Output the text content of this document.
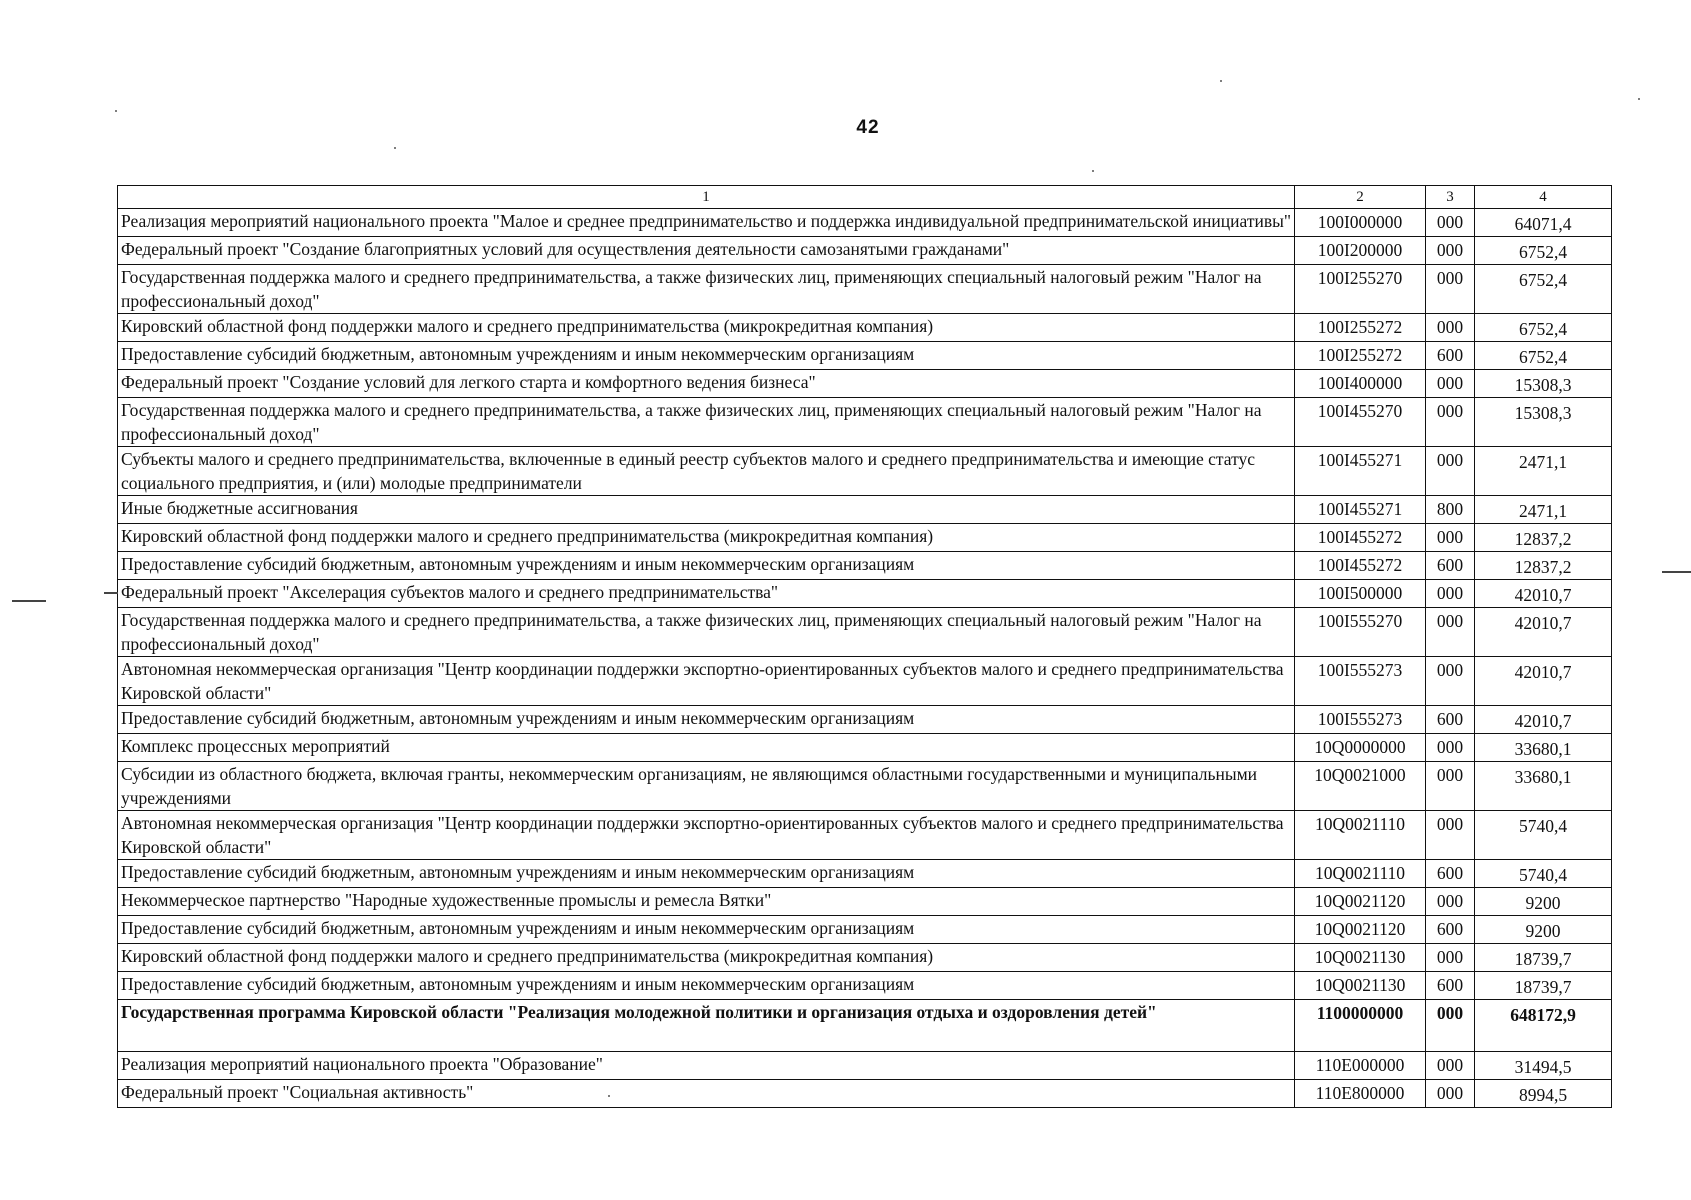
42
1	2	3	4
Реализация мероприятий национального проекта "Малое и среднее предпринимательство и поддержка индивидуальной предпринимательской инициативы"	100I000000	000	64071,4
Федеральный проект "Создание благоприятных условий для осуществления деятельности самозанятыми гражданами"	100I200000	000	6752,4
Государственная поддержка малого и среднего предпринимательства, а также физических лиц, применяющих специальный налоговый режим "Налог на профессиональный доход"	100I255270	000	6752,4
Кировский областной фонд поддержки малого и среднего предпринимательства (микрокредитная компания)	100I255272	000	6752,4
Предоставление субсидий бюджетным, автономным учреждениям и иным некоммерческим организациям	100I255272	600	6752,4
Федеральный проект "Создание условий для легкого старта и комфортного ведения бизнеса"	100I400000	000	15308,3
Государственная поддержка малого и среднего предпринимательства, а также физических лиц, применяющих специальный налоговый режим "Налог на профессиональный доход"	100I455270	000	15308,3
Субъекты малого и среднего предпринимательства, включенные в единый реестр субъектов малого и среднего предпринимательства и имеющие статус социального предприятия, и (или) молодые предприниматели	100I455271	000	2471,1
Иные бюджетные ассигнования	100I455271	800	2471,1
Кировский областной фонд поддержки малого и среднего предпринимательства (микрокредитная компания)	100I455272	000	12837,2
Предоставление субсидий бюджетным, автономным учреждениям и иным некоммерческим организациям	100I455272	600	12837,2
Федеральный проект "Акселерация субъектов малого и среднего предпринимательства"	100I500000	000	42010,7
Государственная поддержка малого и среднего предпринимательства, а также физических лиц, применяющих специальный налоговый режим "Налог на профессиональный доход"	100I555270	000	42010,7
Автономная некоммерческая организация "Центр координации поддержки экспортно-ориентированных субъектов малого и среднего предпринимательства Кировской области"	100I555273	000	42010,7
Предоставление субсидий бюджетным, автономным учреждениям и иным некоммерческим организациям	100I555273	600	42010,7
Комплекс процессных мероприятий	10Q0000000	000	33680,1
Субсидии из областного бюджета, включая гранты, некоммерческим организациям, не являющимся областными государственными и муниципальными учреждениями	10Q0021000	000	33680,1
Автономная некоммерческая организация "Центр координации поддержки экспортно-ориентированных субъектов малого и среднего предпринимательства Кировской области"	10Q0021110	000	5740,4
Предоставление субсидий бюджетным, автономным учреждениям и иным некоммерческим организациям	10Q0021110	600	5740,4
Некоммерческое партнерство "Народные художественные промыслы и ремесла Вятки"	10Q0021120	000	9200
Предоставление субсидий бюджетным, автономным учреждениям и иным некоммерческим организациям	10Q0021120	600	9200
Кировский областной фонд поддержки малого и среднего предпринимательства (микрокредитная компания)	10Q0021130	000	18739,7
Предоставление субсидий бюджетным, автономным учреждениям и иным некоммерческим организациям	10Q0021130	600	18739,7
Государственная программа Кировской области "Реализация молодежной политики и организация отдыха и оздоровления детей"	1100000000	000	648172,9
Реализация мероприятий национального проекта "Образование"	110E000000	000	31494,5
Федеральный проект "Социальная активность"	110E800000	000	8994,5
